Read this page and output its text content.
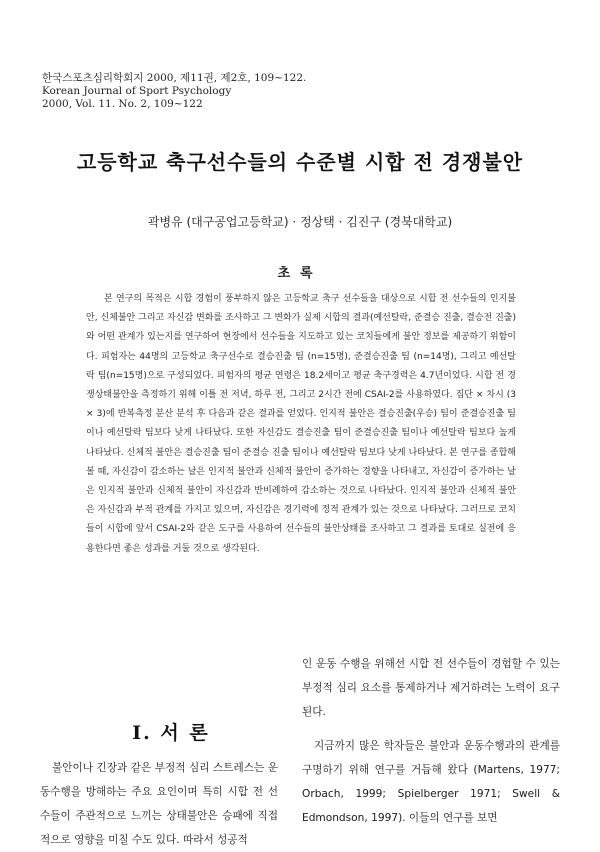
한국스포츠심리학회지 2000, 제11권, 제2호, 109~122.
Korean Journal of Sport Psychology
2000, Vol. 11. No. 2, 109~122
고등학교 축구선수들의 수준별 시합 전 경쟁불안
곽병유 (대구공업고등학교) · 정상택 · 김진구 (경북대학교)
초록

본 연구의 목적은 시합 경험이 풍부하지 않은 고등학교 축구 선수들을 대상으로 시합 전 선수들의 인지불안, 신체불안 그리고 자신감 변화를 조사하고 그 변화가 실제 시합의 결과(예선탈락, 준결승 진출, 결승전 진출)와 어떤 관계가 있는지를 연구하여 현장에서 선수들을 지도하고 있는 코치들에게 불안 정보를 제공하기 위함이다. 피험자는 44명의 고등학교 축구선수로 결승진출 팀 (n=15명), 준결승진출 팀 (n=14명), 그리고 예선탈락 팀(n=15명)으로 구성되었다. 피험자의 평균 연령은 18.2세이고 평균 축구경력은 4.7년이었다. 시합 전 경쟁상태불안을 측정하기 위해 이틀 전 저녁, 하루 전, 그리고 2시간 전에 CSAI-2를 사용하였다. 집단 × 차시 (3 × 3)에 반복측정 분산 분석 후 다음과 같은 결과를 얻었다. 인지적 불안은 결승진출(우승) 팀이 준결승진출 팀이나 예선탈락 팀보다 낮게 나타났다. 또한 자신감도 결승진출 팀이 준결승진출 팀이나 예선탈락 팀보다 높게 나타났다. 신체적 불안은 결승진출 팀이 준결승 진출 팀이나 예선탈락 팀보다 낮게 나타났다. 본 연구를 종합해 볼 때, 자신감이 감소하는 날은 인지적 불안과 신체적 불안이 증가하는 경향을 나타내고, 자신감이 증가하는 날은 인지적 불안과 신체적 불안이 자신감과 반비례하여 감소하는 것으로 나타났다. 인지적 불안과 신체적 불안은 자신감과 부적 관계를 가지고 있으며, 자신감은 경기력에 정적 관계가 있는 것으로 나타났다. 그러므로 코치들이 시합에 앞서 CSAI-2와 같은 도구를 사용하여 선수들의 불안상태를 조사하고 그 결과를 토대로 실전에 응용한다면 좋은 성과를 거둘 것으로 생각된다.

Ⅰ. 서 론

불안이나 긴장과 같은 부정적 심리 스트레스는 운동수행을 방해하는 주요 요인이며 특히 시합 전 선수들이 주관적으로 느끼는 상태불안은 승패에 직접적으로 영향을 미칠 수도 있다. 따라서 성공적

인 운동 수행을 위해선 시합 전 선수들이 경험할 수 있는 부정적 심리 요소를 통제하거나 제거하려는 노력이 요구된다.

지금까지 많은 학자들은 불안과 운동수행과의 관계를 구명하기 위해 연구를 거듭해 왔다 (Martens, 1977; Orbach, 1999; Spielberger 1971; Swell & Edmondson, 1997). 이들의 연구를 보면
